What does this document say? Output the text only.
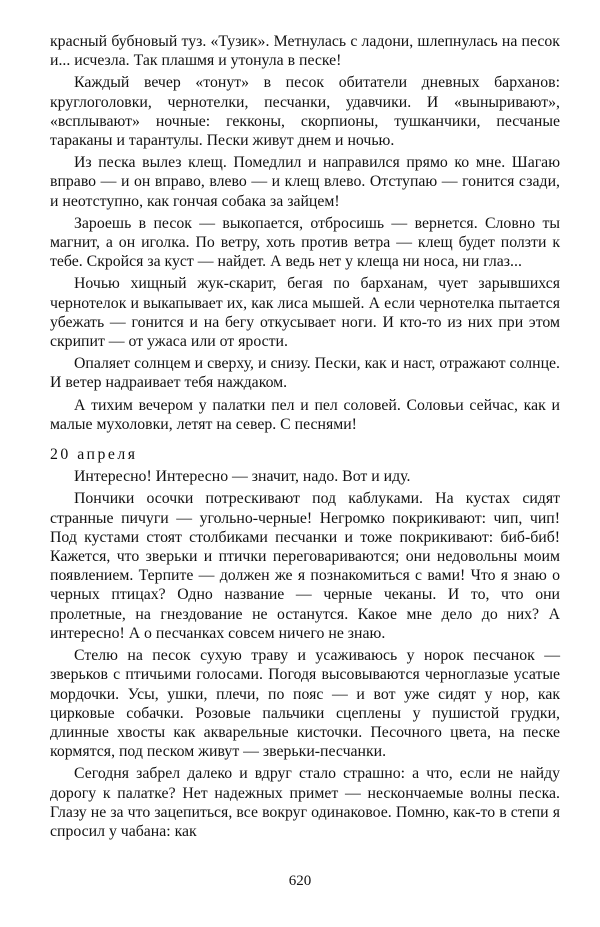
красный бубновый туз. «Тузик». Метнулась с ладони, шлепнулась на песок и... исчезла. Так плашмя и утонула в песке!

Каждый вечер «тонут» в песок обитатели дневных барханов: круглоголовки, чернотелки, песчанки, удавчики. И «выныривают», «всплывают» ночные: гекконы, скорпионы, тушканчики, песчаные тараканы и тарантулы. Пески живут днем и ночью.

Из песка вылез клещ. Помедлил и направился прямо ко мне. Шагаю вправо — и он вправо, влево — и клещ влево. Отступаю — гонится сзади, и неотступно, как гончая собака за зайцем!

Зароешь в песок — выкопается, отбросишь — вернется. Словно ты магнит, а он иголка. По ветру, хоть против ветра — клещ будет ползти к тебе. Скройся за куст — найдет. А ведь нет у клеща ни носа, ни глаз...

Ночью хищный жук-скарит, бегая по барханам, чует зарывшихся чернотелок и выкапывает их, как лиса мышей. А если чернотелка пытается убежать — гонится и на бегу откусывает ноги. И кто-то из них при этом скрипит — от ужаса или от ярости.

Опаляет солнцем и сверху, и снизу. Пески, как и наст, отражают солнце. И ветер надраивает тебя наждаком.

А тихим вечером у палатки пел и пел соловей. Соловьи сейчас, как и малые мухоловки, летят на север. С песнями!

20 апреля

Интересно! Интересно — значит, надо. Вот и иду.

Пончики осочки потрескивают под каблуками. На кустах сидят странные пичуги — угольно-черные! Негромко покрикивают: чип, чип! Под кустами стоят столбиками песчанки и тоже покрикивают: биб-биб! Кажется, что зверьки и птички переговариваются; они недовольны моим появлением. Терпите — должен же я познакомиться с вами! Что я знаю о черных птицах? Одно название — черные чеканы. И то, что они пролетные, на гнездование не останутся. Какое мне дело до них? А интересно! А о песчанках совсем ничего не знаю.

Стелю на песок сухую траву и усаживаюсь у норок песчанок — зверьков с птичьими голосами. Погодя высовываются черноглазые усатые мордочки. Усы, ушки, плечи, по пояс — и вот уже сидят у нор, как цирковые собачки. Розовые пальчики сцеплены у пушистой грудки, длинные хвосты как акварельные кисточки. Песочного цвета, на песке кормятся, под песком живут — зверьки-песчанки.

Сегодня забрел далеко и вдруг стало страшно: а что, если не найду дорогу к палатке? Нет надежных примет — нескончаемые волны песка. Глазу не за что зацепиться, все вокруг одинаковое. Помню, как-то в степи я спросил у чабана: как

620
